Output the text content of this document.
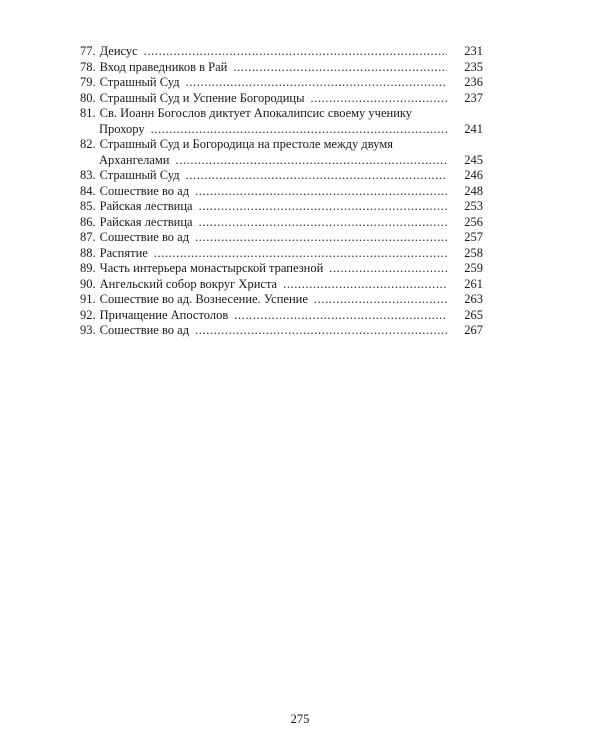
77. Деисус .....	231
78. Вход праведников в Рай .....	235
79. Страшный Суд .....	236
80. Страшный Суд и Успение Богородицы .....	237
81. Св. Иоанн Богослов диктует Апокалипсис своему ученику
Прохору .....	241
82. Страшный Суд и Богородица на престоле между двумя
Архангелами .....	245
83. Страшный Суд .....	246
84. Сошествие во ад .....	248
85. Райская лествица .....	253
86. Райская лествица .....	256
87. Сошествие во ад .....	257
88. Распятие .....	258
89. Часть интерьера монастырской трапезной .....	259
90. Ангельский собор вокруг Христа .....	261
91. Сошествие во ад. Вознесение. Успение .....	263
92. Причащение Апостолов .....	265
93. Сошествие во ад .....	267
275
